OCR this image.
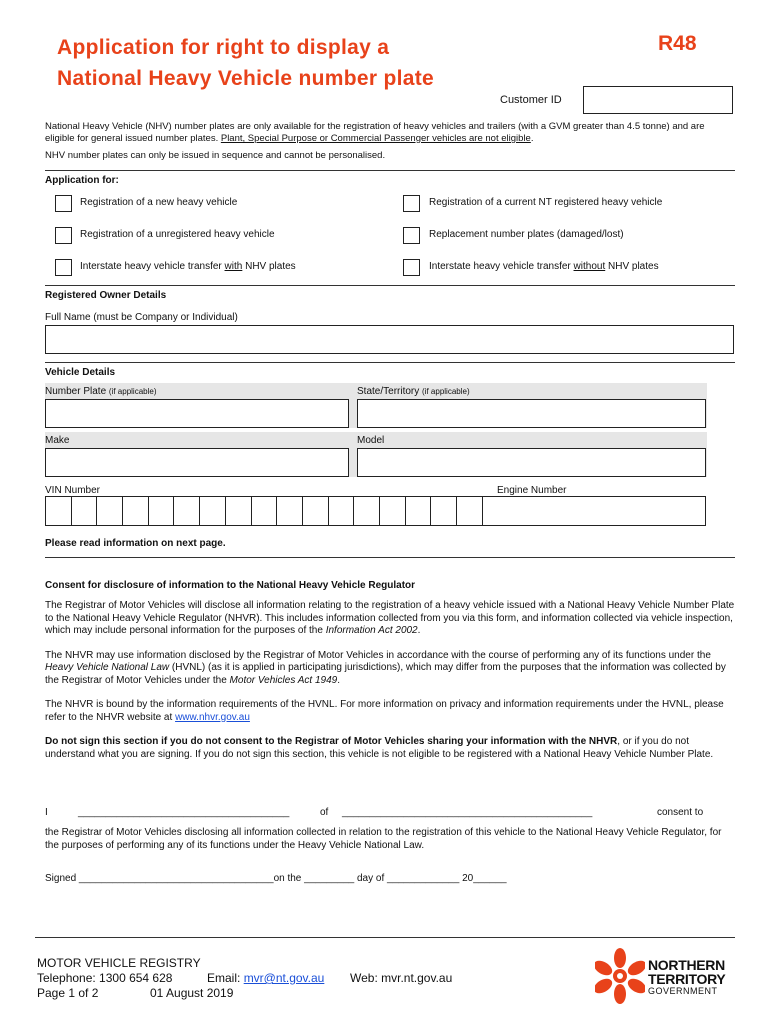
Application for right to display a
National Heavy Vehicle number plate
R48
Customer ID
National Heavy Vehicle (NHV) number plates are only available for the registration of heavy vehicles and trailers (with a GVM greater than 4.5 tonne) and are eligible for general issued number plates. Plant, Special Purpose or Commercial Passenger vehicles are not eligible.
NHV number plates can only be issued in sequence and cannot be personalised.
Application for:
Registration of a new heavy vehicle	Registration of a current NT registered heavy vehicle
Registration of a unregistered heavy vehicle	Replacement number plates (damaged/lost)
Interstate heavy vehicle transfer with NHV plates	Interstate heavy vehicle transfer without NHV plates
Registered Owner Details
Full Name (must be Company or Individual)
Vehicle Details
Number Plate (if applicable)	State/Territory (if applicable)
Make	Model
VIN Number	Engine Number
Please read information on next page.
Consent for disclosure of information to the National Heavy Vehicle Regulator

The Registrar of Motor Vehicles will disclose all information relating to the registration of a heavy vehicle issued with a National Heavy Vehicle Number Plate to the National Heavy Vehicle Regulator (NHVR). This includes information collected from you via this form, and information collected via vehicle inspection, which may include personal information for the purposes of the Information Act 2002.

The NHVR may use information disclosed by the Registrar of Motor Vehicles in accordance with the course of performing any of its functions under the Heavy Vehicle National Law (HVNL) (as it is applied in participating jurisdictions), which may differ from the purposes that the information was collected by the Registrar of Motor Vehicles under the Motor Vehicles Act 1949.

The NHVR is bound by the information requirements of the HVNL. For more information on privacy and information requirements under the HVNL, please refer to the NHVR website at www.nhvr.gov.au

Do not sign this section if you do not consent to the Registrar of Motor Vehicles sharing your information with the NHVR, or if you do not understand what you are signing. If you do not sign this section, this vehicle is not eligible to be registered with a National Heavy Vehicle Number Plate.

I	______________________________________	of _____________________________________________	consent to
the Registrar of Motor Vehicles disclosing all information collected in relation to the registration of this vehicle to the National Heavy Vehicle Regulator, for the purposes of performing any of its functions under the Heavy Vehicle National Law.
Signed ___________________________________on the _________ day of _____________ 20______
MOTOR VEHICLE REGISTRY
Telephone: 1300 654 628	Email: mvr@nt.gov.au Web: mvr.nt.gov.au
Page 1 of 2	01 August 2019
NORTHERN
TERRITORY
GOVERNMENT
